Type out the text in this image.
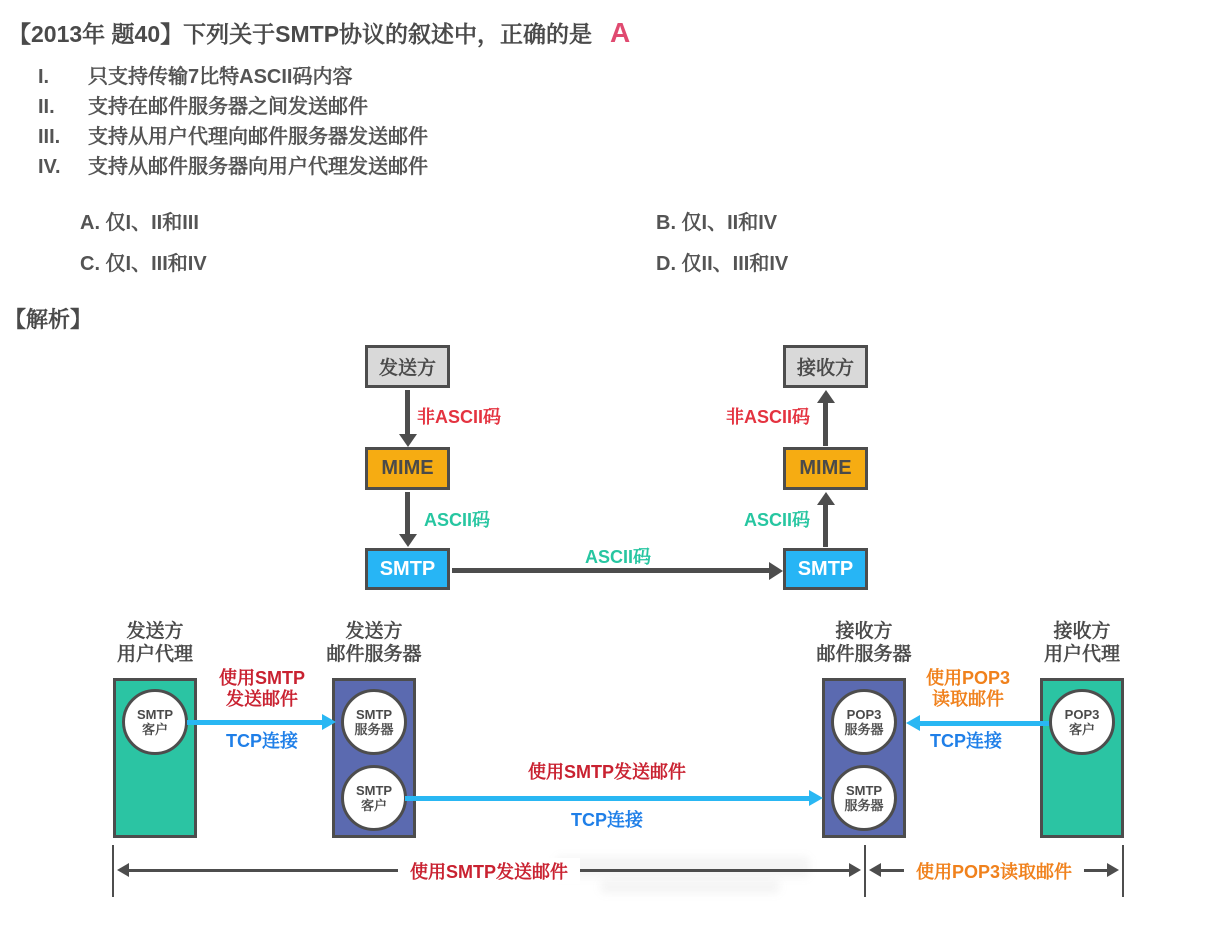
【2013年 题40】下列关于SMTP协议的叙述中，正确的是 A
I.	只支持传输7比特ASCII码内容
II.	支持在邮件服务器之间发送邮件
III.	支持从用户代理向邮件服务器发送邮件
IV.	支持从邮件服务器向用户代理发送邮件
A. 仅I、II和III	B. 仅I、II和IV
C. 仅I、III和IV	D. 仅II、III和IV
【解析】
发送方
非ASCII码
MIME
ASCII码
SMTP
ASCII码
接收方
非ASCII码
MIME
ASCII码
SMTP
发送方
用户代理
发送方
邮件服务器
接收方
邮件服务器
接收方
用户代理
SMTP
客户
SMTP
服务器
SMTP
客户
POP3
服务器
SMTP
服务器
POP3
客户
使用SMTP
发送邮件
TCP连接
使用SMTP发送邮件
TCP连接
使用POP3
读取邮件
TCP连接
使用SMTP发送邮件	使用POP3读取邮件
